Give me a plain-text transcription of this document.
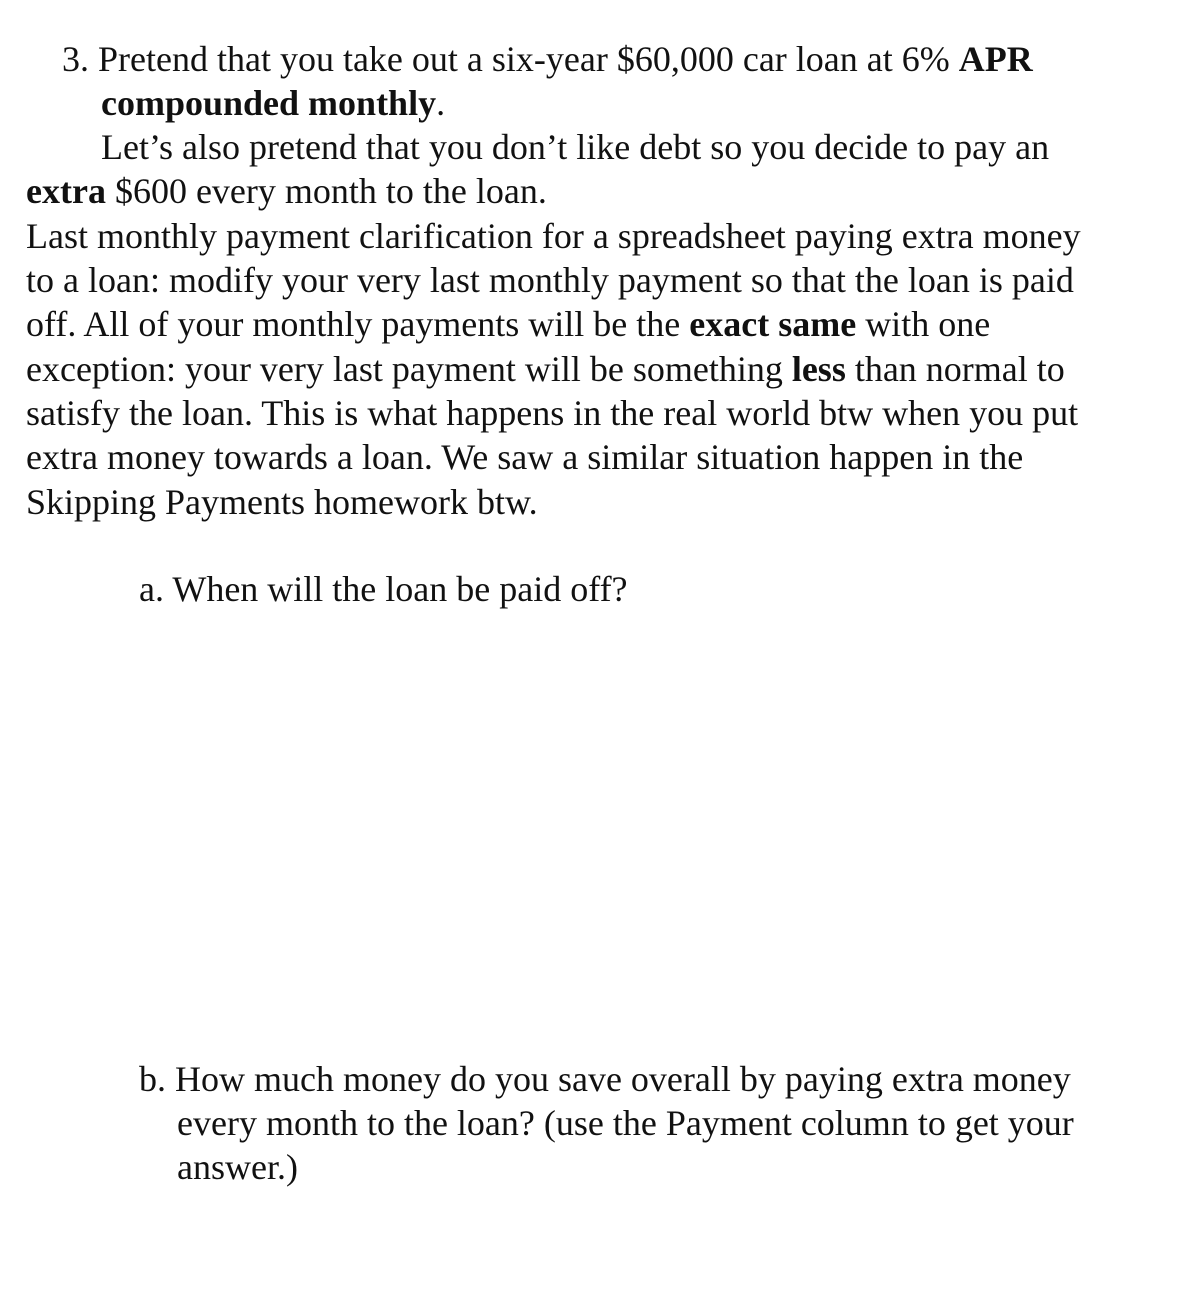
3. Pretend that you take out a six-year $60,000 car loan at 6% APR
compounded monthly.
Let’s also pretend that you don’t like debt so you decide to pay an
extra $600 every month to the loan.
Last monthly payment clarification for a spreadsheet paying extra money
to a loan: modify your very last monthly payment so that the loan is paid
off. All of your monthly payments will be the exact same with one
exception: your very last payment will be something less than normal to
satisfy the loan. This is what happens in the real world btw when you put
extra money towards a loan. We saw a similar situation happen in the
Skipping Payments homework btw.
a. When will the loan be paid off?
b. How much money do you save overall by paying extra money
every month to the loan? (use the Payment column to get your
answer.)
